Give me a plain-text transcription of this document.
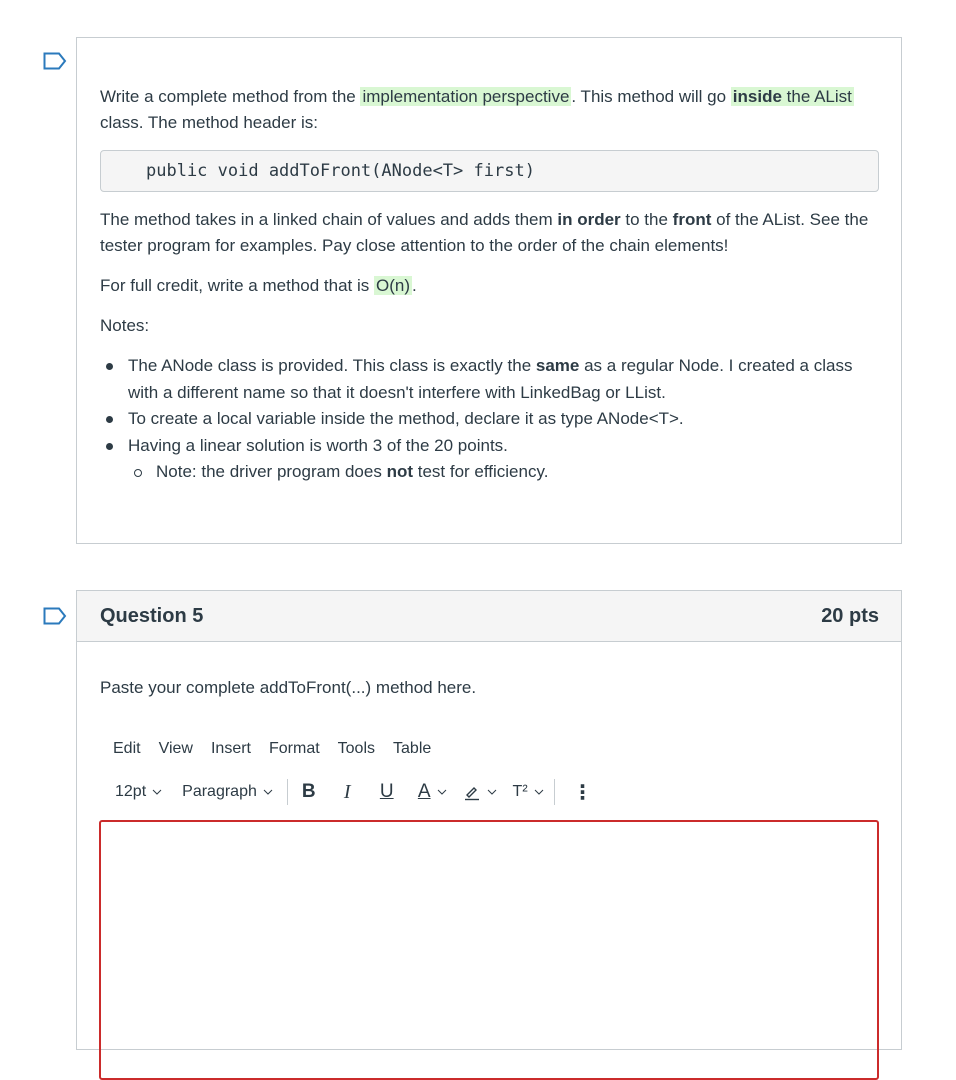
Write a complete method from the implementation perspective . This method will go inside the AList
class. The method header is:

public void addToFront(ANode<T> first)

The method takes in a linked chain of values and adds them in order to the front of the AList. See the tester program for examples. Pay close attention to the order of the chain elements!

For full credit, write a method that is O(n) .

Notes:

The ANode class is provided. This class is exactly the same as a regular Node. I created a class with a different name so that it doesn't interfere with LinkedBag or LList.
To create a local variable inside the method, declare it as type ANode<T>.
Having a linear solution is worth 3 of the 20 points.
Note: the driver program does not test for efficiency.
Question 5	20 pts

Paste your complete addToFront(...) method here.

Edit View Insert Format Tools Table
12pt Paragraph B	I	U A	T² ⋮
